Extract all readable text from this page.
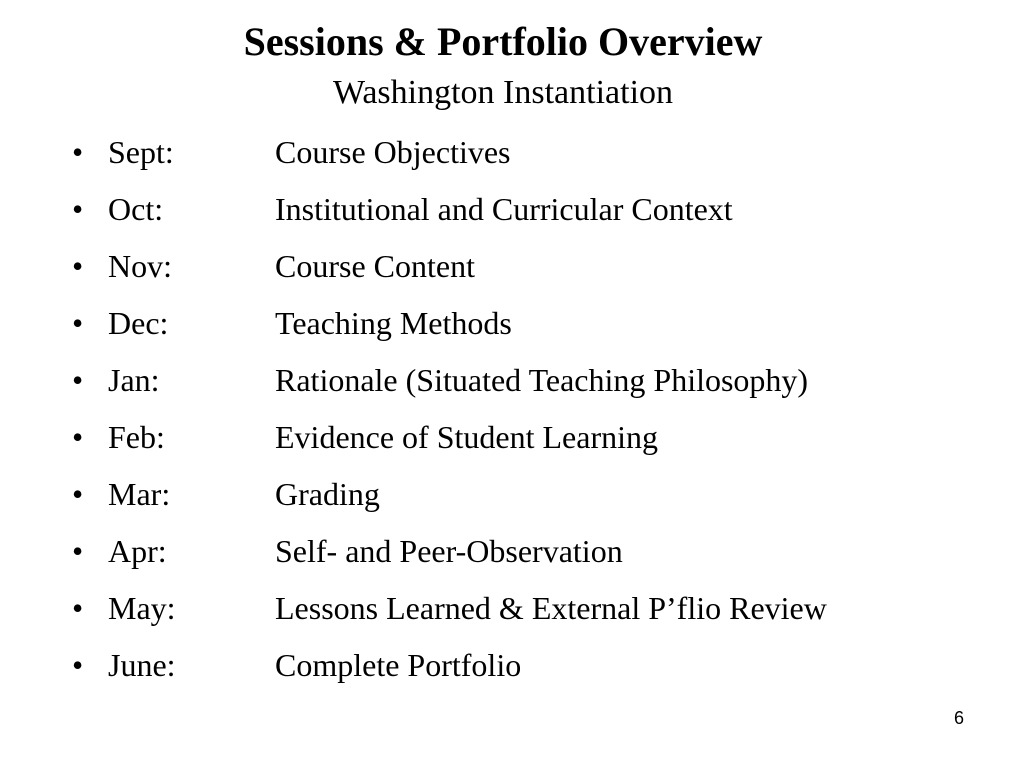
Sessions & Portfolio Overview
Washington Instantiation
• Sept:	Course Objectives
• Oct:	Institutional and Curricular Context
• Nov:	Course Content
• Dec:	Teaching Methods
• Jan:	Rationale (Situated Teaching Philosophy)
• Feb:	Evidence of Student Learning
• Mar:	Grading
• Apr:	Self- and Peer-Observation
• May:	Lessons Learned & External P’flio Review
• June:	Complete Portfolio
6
